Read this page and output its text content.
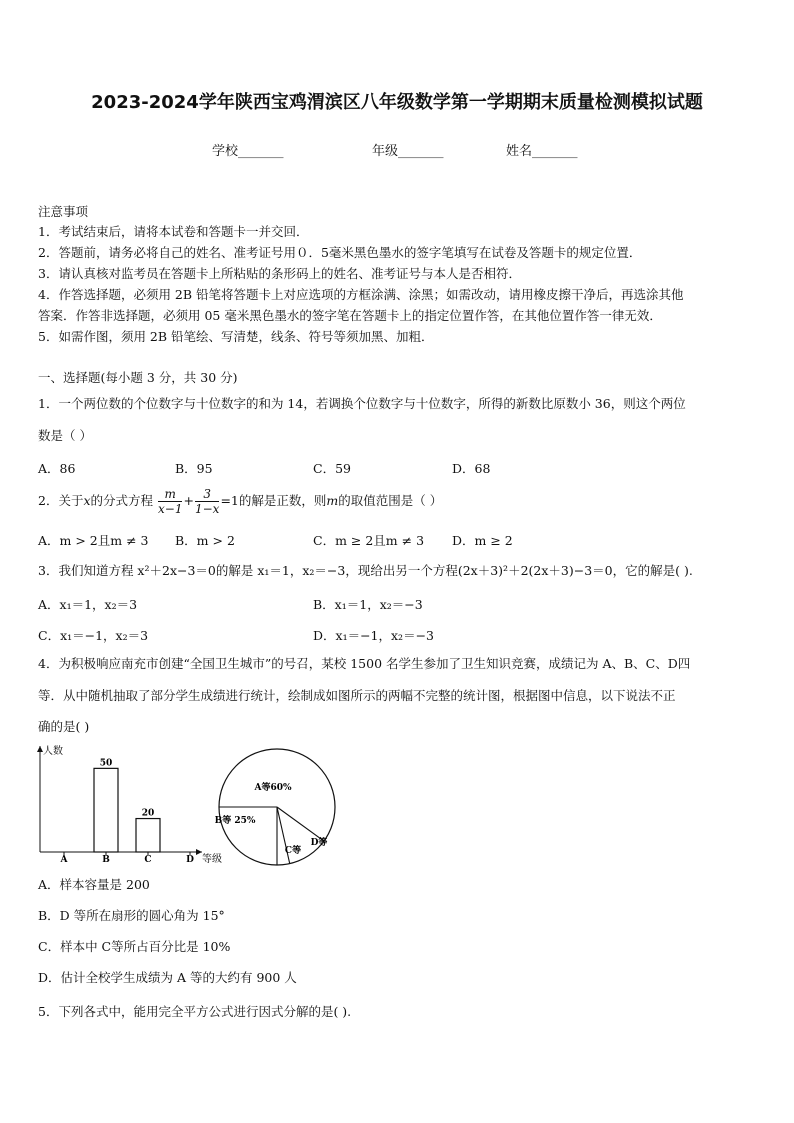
2023-2024学年陕西宝鸡渭滨区八年级数学第一学期期末质量检测模拟试题
学校_______	年级_______	姓名_______
注意事项
1．考试结束后，请将本试卷和答题卡一并交回．
2．答题前，请务必将自己的姓名、准考证号用０．5毫米黑色墨水的签字笔填写在试卷及答题卡的规定位置．
3．请认真核对监考员在答题卡上所粘贴的条形码上的姓名、准考证号与本人是否相符．
4．作答选择题，必须用 2B 铅笔将答题卡上对应选项的方框涂满、涂黑；如需改动，请用橡皮擦干净后，再选涂其他
答案．作答非选择题，必须用 05 毫米黑色墨水的签字笔在答题卡上的指定位置作答，在其他位置作答一律无效．
5．如需作图，须用 2B 铅笔绘、写清楚，线条、符号等须加黑、加粗．
一、选择题(每小题 3 分，共 30 分)
1．一个两位数的个位数字与十位数字的和为 14，若调换个位数字与十位数字，所得的新数比原数小 36，则这个两位
数是（ ）
A．86	B．95	C．59	D．68
2．关于x的分式方程 $\frac{m}{x-1} + \frac{3}{1-x} =1$的解是正数，则m的取值范围是（ ）
A．m > 2且m ≠ 3 B．m > 2	C．m ≥ 2且m ≠ 3 D．m ≥ 2
3．我们知道方程 x²＋2x−3＝0的解是 x₁＝1，x₂＝−3，现给出另一个方程(2x＋3)²＋2(2x＋3)−3＝0，它的解是( ).
A．x₁＝1，x₂＝3	B．x₁＝1，x₂＝−3
C．x₁＝−1，x₂＝3	D．x₁＝−1，x₂＝−3
4．为积极响应南充市创建“全国卫生城市”的号召，某校 1500 名学生参加了卫生知识竞赛，成绩记为 A、B、C、D四
等．从中随机抽取了部分学生成绩进行统计，绘制成如图所示的两幅不完整的统计图，根据图中信息，以下说法不正
确的是( )
A	B
50
C
20
D
人数
等级
A等60%
B等 25%
C等
D等
A．样本容量是 200
B．D 等所在扇形的圆心角为 15°
C．样本中 C等所占百分比是 10%
D．估计全校学生成绩为 A 等的大约有 900 人
5．下列各式中，能用完全平方公式进行因式分解的是( ).
